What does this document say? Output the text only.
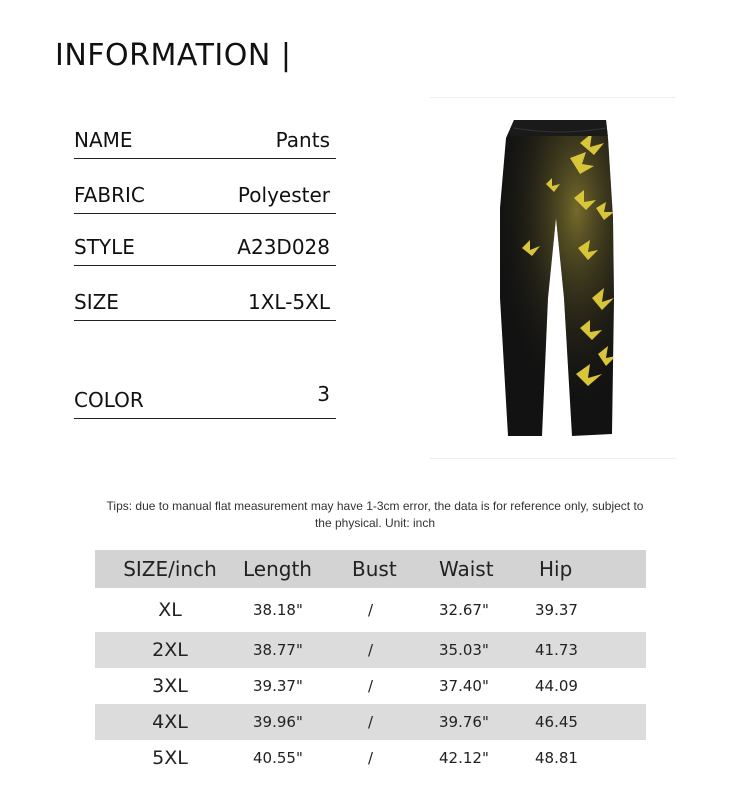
INFORMATION |
NAME	Pants
FABRIC	Polyester
STYLE	A23D028
SIZE	1XL-5XL
COLOR	3
Tips: due to manual flat measurement may have 1-3cm error, the data is for reference only, subject to the physical. Unit: inch
SIZE/inch	Length	Bust	Waist	Hip
XL	38.18"	/	32.67"	39.37
2XL	38.77"	/	35.03"	41.73
3XL	39.37"	/	37.40"	44.09
4XL	39.96"	/	39.76"	46.45
5XL	40.55"	/	42.12"	48.81
